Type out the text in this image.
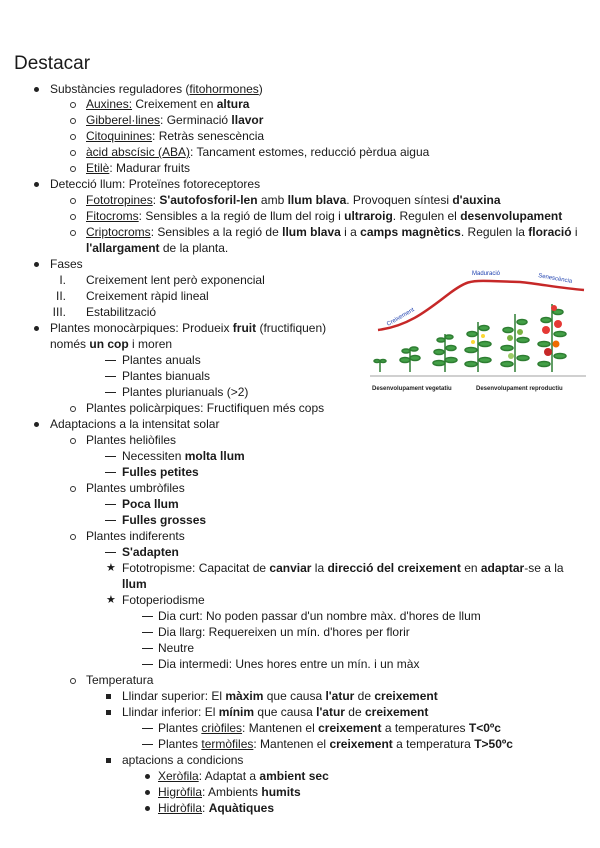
Destacar
Substàncies reguladores (fitohormones)
Auxines: Creixement en altura
Gibberel·lines: Germinació llavor
Citoquinines: Retràs senescència
àcid abscísic (ABA): Tancament estomes, reducció pèrdua aigua
Etilè: Madurar fruits
Detecció llum: Proteïnes fotoreceptores
Fototropines: S'autofosforil-len amb llum blava. Provoquen síntesi d'auxina
Fitocroms: Sensibles a la regió de llum del roig i ultraroig. Regulen el desenvolupament
Criptocroms: Sensibles a la regió de llum blava i a camps magnètics. Regulen la floració i
l'allargament de la planta.
Fases
I. Creixement lent però exponencial
II. Creixement ràpid lineal
III. Estabilització
Plantes monocàrpiques: Produeix fruit (fructifiquen)
només un cop i moren
Plantes anuals
Plantes bianuals
Plantes plurianuals (>2)
Plantes policàrpiques: Fructifiquen més cops
Adaptacions a la intensitat solar
Plantes heliòfiles
Necessiten molta llum
Fulles petites
Plantes umbròfiles
Poca llum
Fulles grosses
Plantes indiferents
S'adapten
★ Fototropisme: Capacitat de canviar la direcció del creixement en adaptar-se a la
llum
★ Fotoperiodisme
Dia curt: No poden passar d'un nombre màx. d'hores de llum
Dia llarg: Requereixen un mín. d'hores per florir
Neutre
Dia intermedi: Unes hores entre un mín. i un màx
Temperatura
Llindar superior: El màxim que causa l'atur de creixement
Llindar inferior: El mínim que causa l'atur de creixement
Plantes criòfiles: Mantenen el creixement a temperatures T<0ºc
Plantes termòfiles: Mantenen el creixement a temperatura T>50ºc
aptacions a condicions
Xeròfila: Adaptat a ambient sec
Higròfila: Ambients humits
Hidròfila: Aquàtiques
Creixement
Maduració	Senescència
Desenvolupament vegetatiu	Desenvolupament reproductiu
